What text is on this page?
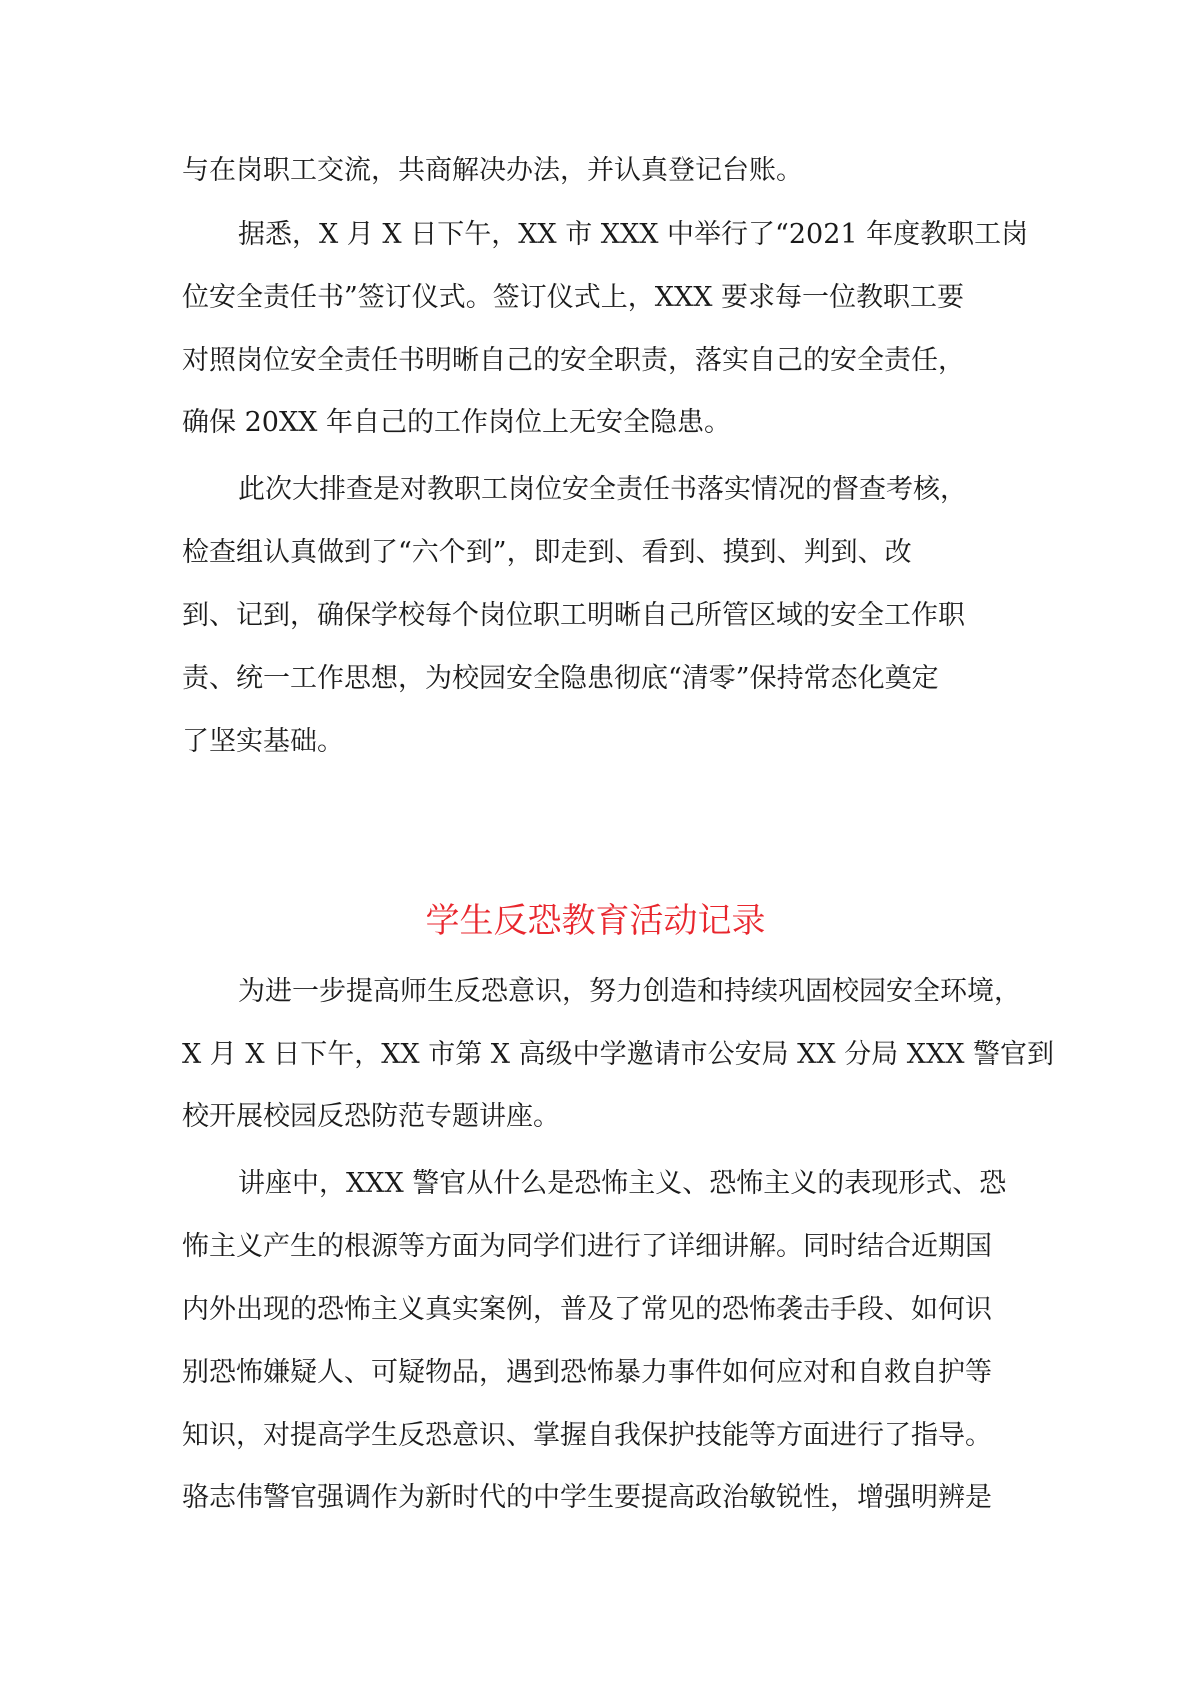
与在岗职工交流，共商解决办法，并认真登记台账。
据悉，X 月 X 日下午，XX 市 XXX 中举行了“2021 年度教职工岗
位安全责任书”签订仪式。签订仪式上，XXX 要求每一位教职工要
对照岗位安全责任书明晰自己的安全职责，落实自己的安全责任，
确保 20XX 年自己的工作岗位上无安全隐患。
此次大排查是对教职工岗位安全责任书落实情况的督查考核，
检查组认真做到了“六个到”，即走到、看到、摸到、判到、改
到、记到，确保学校每个岗位职工明晰自己所管区域的安全工作职
责、统一工作思想，为校园安全隐患彻底“清零”保持常态化奠定
了坚实基础。
学生反恐教育活动记录
为进一步提高师生反恐意识，努力创造和持续巩固校园安全环境，
X 月 X 日下午，XX 市第 X 高级中学邀请市公安局 XX 分局 XXX 警官到
校开展校园反恐防范专题讲座。
讲座中，XXX 警官从什么是恐怖主义、恐怖主义的表现形式、恐
怖主义产生的根源等方面为同学们进行了详细讲解。同时结合近期国
内外出现的恐怖主义真实案例，普及了常见的恐怖袭击手段、如何识
别恐怖嫌疑人、可疑物品，遇到恐怖暴力事件如何应对和自救自护等
知识，对提高学生反恐意识、掌握自我保护技能等方面进行了指导。
骆志伟警官强调作为新时代的中学生要提高政治敏锐性，增强明辨是
